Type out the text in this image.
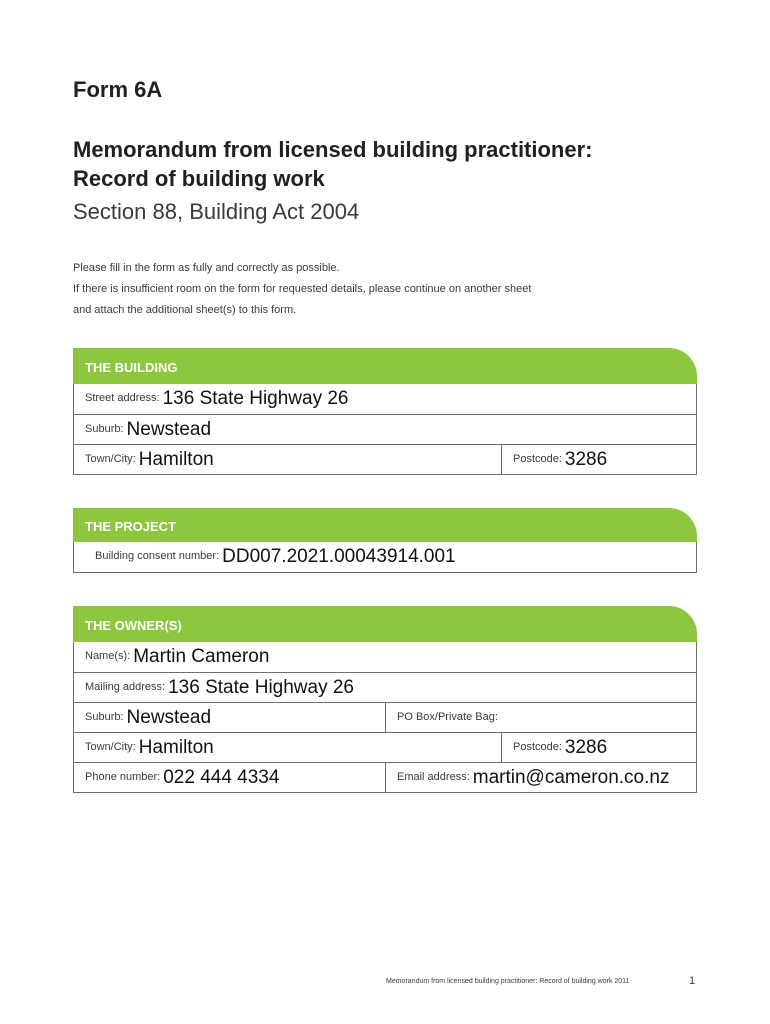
Form 6A
Memorandum from licensed building practitioner: Record of building work
Section 88, Building Act 2004

Please fill in the form as fully and correctly as possible.

If there is insufficient room on the form for requested details, please continue on another sheet

and attach the additional sheet(s) to this form.

THE BUILDING
Street address: 136 State Highway 26
Suburb: Newstead
Town/City: Hamilton	Postcode: 3286
THE PROJECT
Building consent number: DD007.2021.00043914.001
THE OWNER(S)
Name(s): Martin Cameron
Mailing address: 136 State Highway 26
Suburb: Newstead	PO Box/Private Bag:
Town/City: Hamilton	Postcode: 3286
Phone number: 022 444 4334	Email address: martin@cameron.co.nz
Memorandum from licensed building practitioner: Record of building work 2011	1
